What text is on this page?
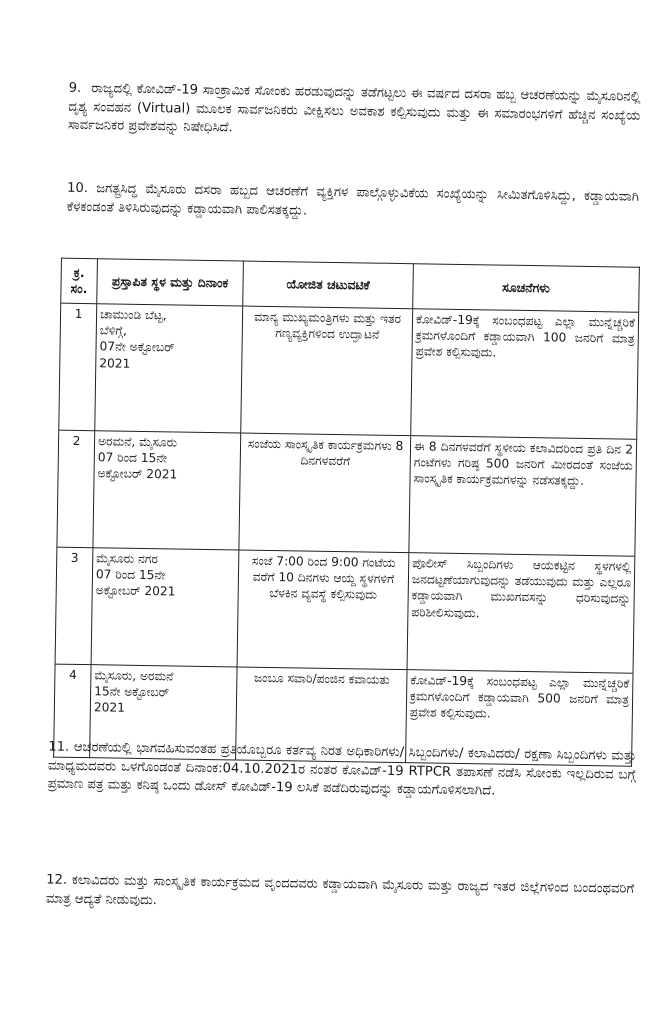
9. ರಾಜ್ಯದಲ್ಲಿ ಕೋವಿಡ್-19 ಸಾಂಕ್ರಾಮಿಕ ಸೋಂಕು ಹರಡುವುದನ್ನು ತಡೆಗಟ್ಟಲು ಈ ವರ್ಷದ ದಸರಾ ಹಬ್ಬ ಆಚರಣೆಯನ್ನು ಮೈಸೂರಿನಲ್ಲಿ ದೃಶ್ಯ ಸಂವಹನ (Virtual) ಮೂಲಕ ಸಾರ್ವಜನಿಕರು ವೀಕ್ಷಿಸಲು ಅವಕಾಶ ಕಲ್ಪಿಸುವುದು ಮತ್ತು ಈ ಸಮಾರಂಭಗಳಿಗೆ ಹೆಚ್ಚಿನ ಸಂಖ್ಯೆಯ ಸಾರ್ವಜನಿಕರ ಪ್ರವೇಶವನ್ನು ನಿಷೇಧಿಸಿದೆ.
10. ಜಗತ್ಪ್ರಸಿದ್ಧ ಮೈಸೂರು ದಸರಾ ಹಬ್ಬದ ಆಚರಣೆಗೆ ವ್ಯಕ್ತಿಗಳ ಪಾಲ್ಗೊಳ್ಳುವಿಕೆಯ ಸಂಖ್ಯೆಯನ್ನು ಸೀಮಿತಗೊಳಿಸಿದ್ದು, ಕಡ್ಡಾಯವಾಗಿ ಕೆಳಕಂಡಂತೆ ತಿಳಿಸಿರುವುದನ್ನು ಕಡ್ಡಾಯವಾಗಿ ಪಾಲಿಸತಕ್ಕದ್ದು.
ಕ್ರ. ಸಂ.	ಪ್ರಸ್ತಾಪಿತ ಸ್ಥಳ ಮತ್ತು ದಿನಾಂಕ	ಯೋಜಿತ ಚಟುವಟಿಕೆ	ಸೂಚನೆಗಳು
1	ಚಾಮುಂಡಿ ಬೆಟ್ಟ,
ಬೆಳಿಗ್ಗೆ,
07ನೇ ಅಕ್ಟೋಬರ್
2021	ಮಾನ್ಯ ಮುಖ್ಯಮಂತ್ರಿಗಳು ಮತ್ತು ಇತರ ಗಣ್ಯವ್ಯಕ್ತಿಗಳಿಂದ ಉದ್ಘಾಟನೆ	ಕೋವಿಡ್-19ಕ್ಕೆ ಸಂಬಂಧಪಟ್ಟ ಎಲ್ಲಾ ಮುನ್ನೆಚ್ಚರಿಕೆ ಕ್ರಮಗಳೊಂದಿಗೆ ಕಡ್ಡಾಯವಾಗಿ 100 ಜನರಿಗೆ ಮಾತ್ರ ಪ್ರವೇಶ ಕಲ್ಪಿಸುವುದು.
2	ಅರಮನೆ, ಮೈಸೂರು
07 ರಿಂದ 15ನೇ
ಅಕ್ಟೋಬರ್ 2021	ಸಂಜೆಯ ಸಾಂಸ್ಕೃತಿಕ ಕಾರ್ಯಕ್ರಮಗಳು 8 ದಿನಗಳವರೆಗೆ	ಈ 8 ದಿನಗಳವರೆಗೆ ಸ್ಥಳೀಯ ಕಲಾವಿದರಿಂದ ಪ್ರತಿ ದಿನ 2 ಗಂಟೆಗಳು ಗರಿಷ್ಠ 500 ಜನರಿಗೆ ಮೀರದಂತೆ ಸಂಜೆಯ ಸಾಂಸ್ಕೃತಿಕ ಕಾರ್ಯಕ್ರಮಗಳನ್ನು ನಡೆಸತಕ್ಕದ್ದು.
3	ಮೈಸೂರು ನಗರ
07 ರಿಂದ 15ನೇ
ಅಕ್ಟೋಬರ್ 2021	ಸಂಜೆ 7:00 ರಿಂದ 9:00 ಗಂಟೆಯ ವರೆಗೆ 10 ದಿನಗಳು ಆಯ್ದ ಸ್ಥಳಗಳಿಗೆ ಬೆಳಕಿನ ವ್ಯವಸ್ಥೆ ಕಲ್ಪಿಸುವುದು	ಪೊಲೀಸ್ ಸಿಬ್ಬಂದಿಗಳು ಆಯಕಟ್ಟಿನ ಸ್ಥಳಗಳಲ್ಲಿ ಜನದಟ್ಟಣೆಯಾಗುವುದನ್ನು ತಡೆಯುವುದು ಮತ್ತು ಎಲ್ಲರೂ ಕಡ್ಡಾಯವಾಗಿ ಮುಖಗವಸನ್ನು ಧರಿಸುವುದನ್ನು ಪರಿಶೀಲಿಸುವುದು.
4	ಮೈಸೂರು, ಅರಮನೆ
15ನೇ ಅಕ್ಟೋಬರ್
2021	ಜಂಬೂ ಸವಾರಿ/ಪಂಜಿನ ಕವಾಯತು	ಕೋವಿಡ್-19ಕ್ಕೆ ಸಂಬಂಧಪಟ್ಟ ಎಲ್ಲಾ ಮುನ್ನೆಚ್ಚರಿಕೆ ಕ್ರಮಗಳೊಂದಿಗೆ ಕಡ್ಡಾಯವಾಗಿ 500 ಜನರಿಗೆ ಮಾತ್ರ ಪ್ರವೇಶ ಕಲ್ಪಿಸುವುದು.
11. ಆಚರಣೆಯಲ್ಲಿ ಭಾಗವಹಿಸುವಂತಹ ಪ್ರತಿಯೊಬ್ಬರೂ ಕರ್ತವ್ಯ ನಿರತ ಅಧಿಕಾರಿಗಳು/ ಸಿಬ್ಬಂದಿಗಳು/ ಕಲಾವಿದರು/ ರಕ್ಷಣಾ ಸಿಬ್ಬಂದಿಗಳು ಮತ್ತು ಮಾಧ್ಯಮದವರು ಒಳಗೊಂಡಂತೆ ದಿನಾಂಕ:04.10.2021ರ ನಂತರ ಕೋವಿಡ್-19 RTPCR ತಪಾಸಣೆ ನಡೆಸಿ ಸೋಂಕು ಇಲ್ಲದಿರುವ ಬಗ್ಗೆ ಪ್ರಮಾಣ ಪತ್ರ ಮತ್ತು ಕನಿಷ್ಠ ಒಂದು ಡೋಸ್ ಕೋವಿಡ್-19 ಲಸಿಕೆ ಪಡೆದಿರುವುದನ್ನು ಕಡ್ಡಾಯಗೊಳಿಸಲಾಗಿದೆ.
12. ಕಲಾವಿದರು ಮತ್ತು ಸಾಂಸ್ಕೃತಿಕ ಕಾರ್ಯಕ್ರಮದ ವೃಂದದವರು ಕಡ್ಡಾಯವಾಗಿ ಮೈಸೂರು ಮತ್ತು ರಾಜ್ಯದ ಇತರ ಜಿಲ್ಲೆಗಳಿಂದ ಬಂದಂಥವರಿಗೆ ಮಾತ್ರ ಆದ್ಯತೆ ನೀಡುವುದು.
